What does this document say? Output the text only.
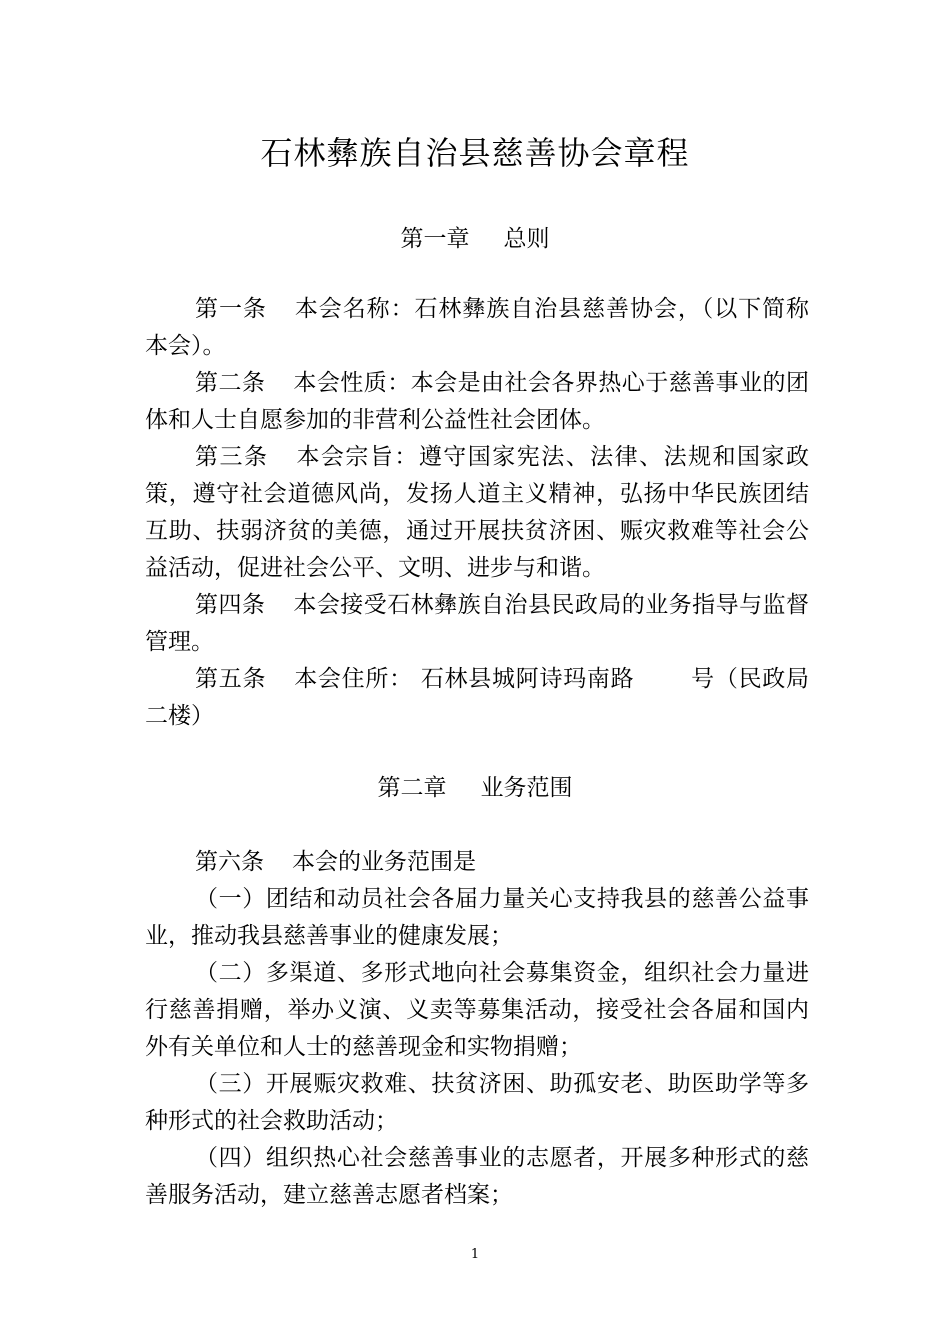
石林彝族自治县慈善协会章程
第一章 总则

第一条 本会名称：石林彝族自治县慈善协会，（以下简称本会）。

第二条 本会性质：本会是由社会各界热心于慈善事业的团体和人士自愿参加的非营利公益性社会团体。

第三条 本会宗旨：遵守国家宪法、法律、法规和国家政策，遵守社会道德风尚，发扬人道主义精神，弘扬中华民族团结互助、扶弱济贫的美德，通过开展扶贫济困、赈灾救难等社会公益活动，促进社会公平、文明、进步与和谐。

第四条 本会接受石林彝族自治县民政局的业务指导与监督管理。

第五条 本会住所： 石林县城阿诗玛南路 号（民政局二楼）

第二章 业务范围

第六条 本会的业务范围是

（一）团结和动员社会各届力量关心支持我县的慈善公益事业，推动我县慈善事业的健康发展；

（二）多渠道、多形式地向社会募集资金，组织社会力量进行慈善捐赠，举办义演、义卖等募集活动，接受社会各届和国内外有关单位和人士的慈善现金和实物捐赠；

（三）开展赈灾救难、扶贫济困、助孤安老、助医助学等多种形式的社会救助活动；

（四）组织热心社会慈善事业的志愿者，开展多种形式的慈善服务活动，建立慈善志愿者档案；

1
